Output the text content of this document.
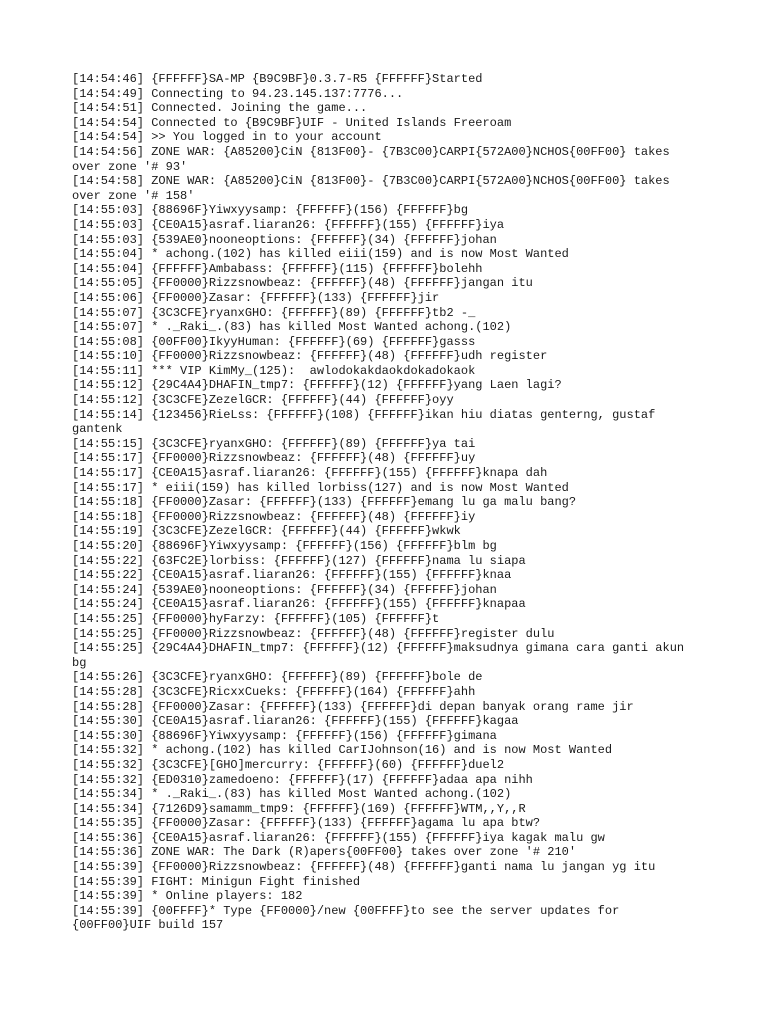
[14:54:46] {FFFFFF}SA-MP {B9C9BF}0.3.7-R5 {FFFFFF}Started
[14:54:49] Connecting to 94.23.145.137:7776...
[14:54:51] Connected. Joining the game...
[14:54:54] Connected to {B9C9BF}UIF - United Islands Freeroam
[14:54:54] >> You logged in to your account
[14:54:56] ZONE WAR: {A85200}CiN {813F00}- {7B3C00}CARPI{572A00}NCHOS{00FF00} takes over zone '# 93'
[14:54:58] ZONE WAR: {A85200}CiN {813F00}- {7B3C00}CARPI{572A00}NCHOS{00FF00} takes over zone '# 158'
[14:55:03] {88696F}Yiwxyysamp: {FFFFFF}(156) {FFFFFF}bg
[14:55:03] {CE0A15}asraf.liaran26: {FFFFFF}(155) {FFFFFF}iya
[14:55:03] {539AE0}nooneoptions: {FFFFFF}(34) {FFFFFF}johan
[14:55:04] * achong.(102) has killed eiii(159) and is now Most Wanted
[14:55:04] {FFFFFF}Ambabass: {FFFFFF}(115) {FFFFFF}bolehh
[14:55:05] {FF0000}Rizzsnowbeaz: {FFFFFF}(48) {FFFFFF}jangan itu
[14:55:06] {FF0000}Zasar: {FFFFFF}(133) {FFFFFF}jir
[14:55:07] {3C3CFE}ryanxGHO: {FFFFFF}(89) {FFFFFF}tb2 -_
[14:55:07] * ._Raki_.(83) has killed Most Wanted achong.(102)
[14:55:08] {00FF00}IkyyHuman: {FFFFFF}(69) {FFFFFF}gasss
[14:55:10] {FF0000}Rizzsnowbeaz: {FFFFFF}(48) {FFFFFF}udh register
[14:55:11] *** VIP KimMy_(125):  awlodokakdaokdokadokaok
[14:55:12] {29C4A4}DHAFIN_tmp7: {FFFFFF}(12) {FFFFFF}yang Laen lagi?
[14:55:12] {3C3CFE}ZezelGCR: {FFFFFF}(44) {FFFFFF}oyy
[14:55:14] {123456}RieLss: {FFFFFF}(108) {FFFFFF}ikan hiu diatas genterng, gustaf gantenk
[14:55:15] {3C3CFE}ryanxGHO: {FFFFFF}(89) {FFFFFF}ya tai
[14:55:17] {FF0000}Rizzsnowbeaz: {FFFFFF}(48) {FFFFFF}uy
[14:55:17] {CE0A15}asraf.liaran26: {FFFFFF}(155) {FFFFFF}knapa dah
[14:55:17] * eiii(159) has killed lorbiss(127) and is now Most Wanted
[14:55:18] {FF0000}Zasar: {FFFFFF}(133) {FFFFFF}emang lu ga malu bang?
[14:55:18] {FF0000}Rizzsnowbeaz: {FFFFFF}(48) {FFFFFF}iy
[14:55:19] {3C3CFE}ZezelGCR: {FFFFFF}(44) {FFFFFF}wkwk
[14:55:20] {88696F}Yiwxyysamp: {FFFFFF}(156) {FFFFFF}blm bg
[14:55:22] {63FC2E}lorbiss: {FFFFFF}(127) {FFFFFF}nama lu siapa
[14:55:22] {CE0A15}asraf.liaran26: {FFFFFF}(155) {FFFFFF}knaa
[14:55:24] {539AE0}nooneoptions: {FFFFFF}(34) {FFFFFF}johan
[14:55:24] {CE0A15}asraf.liaran26: {FFFFFF}(155) {FFFFFF}knapaa
[14:55:25] {FF0000}hyFarzy: {FFFFFF}(105) {FFFFFF}t
[14:55:25] {FF0000}Rizzsnowbeaz: {FFFFFF}(48) {FFFFFF}register dulu
[14:55:25] {29C4A4}DHAFIN_tmp7: {FFFFFF}(12) {FFFFFF}maksudnya gimana cara ganti akun bg
[14:55:26] {3C3CFE}ryanxGHO: {FFFFFF}(89) {FFFFFF}bole de
[14:55:28] {3C3CFE}RicxxCueks: {FFFFFF}(164) {FFFFFF}ahh
[14:55:28] {FF0000}Zasar: {FFFFFF}(133) {FFFFFF}di depan banyak orang rame jir
[14:55:30] {CE0A15}asraf.liaran26: {FFFFFF}(155) {FFFFFF}kagaa
[14:55:30] {88696F}Yiwxyysamp: {FFFFFF}(156) {FFFFFF}gimana
[14:55:32] * achong.(102) has killed CarIJohnson(16) and is now Most Wanted
[14:55:32] {3C3CFE}[GHO]mercurry: {FFFFFF}(60) {FFFFFF}duel2
[14:55:32] {ED0310}zamedoeno: {FFFFFF}(17) {FFFFFF}adaa apa nihh
[14:55:34] * ._Raki_.(83) has killed Most Wanted achong.(102)
[14:55:34] {7126D9}samamm_tmp9: {FFFFFF}(169) {FFFFFF}WTM,,Y,,R
[14:55:35] {FF0000}Zasar: {FFFFFF}(133) {FFFFFF}agama lu apa btw?
[14:55:36] {CE0A15}asraf.liaran26: {FFFFFF}(155) {FFFFFF}iya kagak malu gw
[14:55:36] ZONE WAR: The Dark (R)apers{00FF00} takes over zone '# 210'
[14:55:39] {FF0000}Rizzsnowbeaz: {FFFFFF}(48) {FFFFFF}ganti nama lu jangan yg itu
[14:55:39] FIGHT: Minigun Fight finished
[14:55:39] * Online players: 182
[14:55:39] {00FFFF}* Type {FF0000}/new {00FFFF}to see the server updates for {00FF00}UIF build 157
